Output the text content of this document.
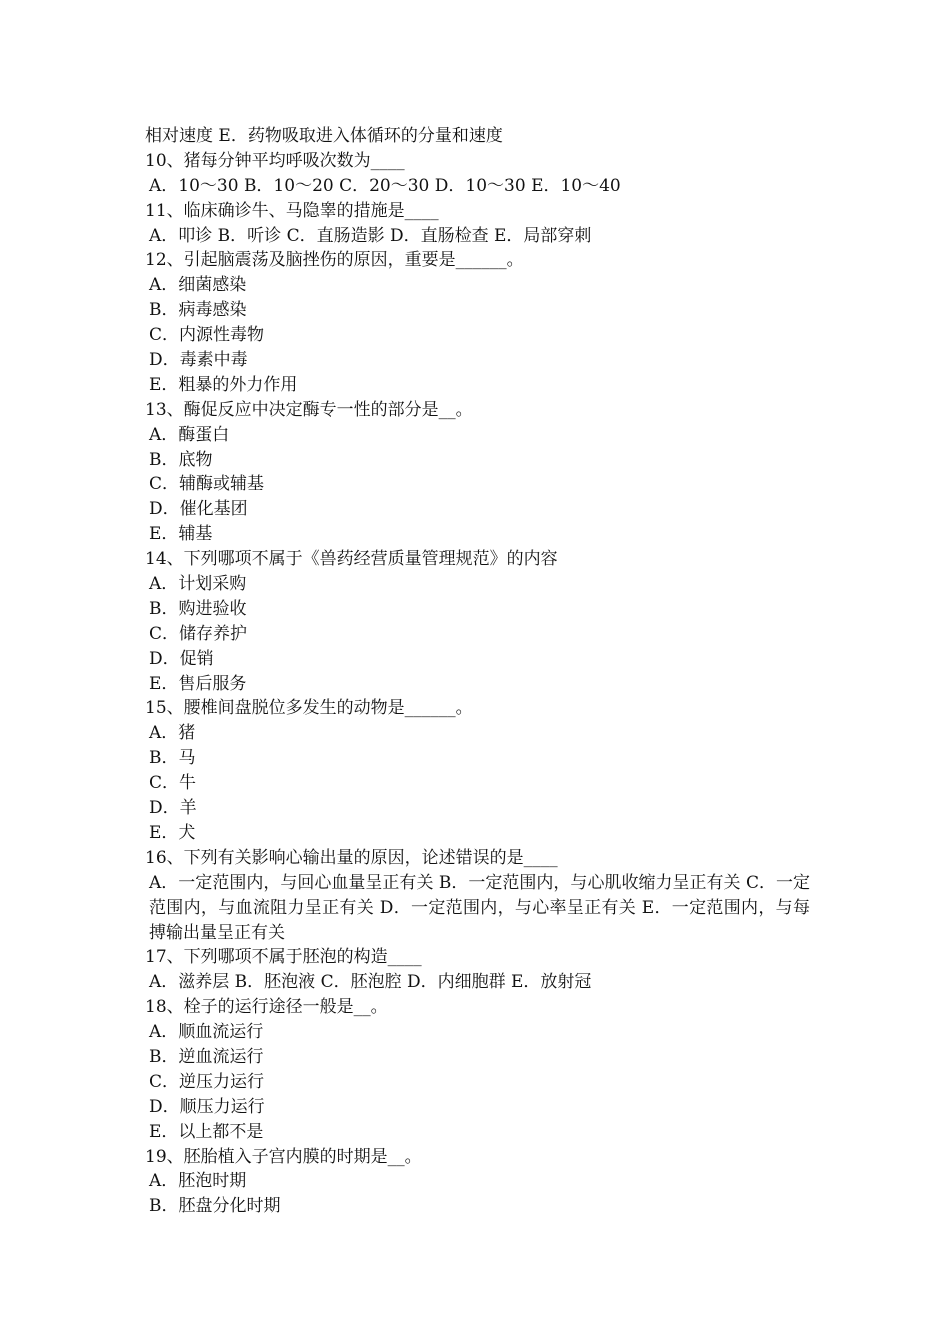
相对速度 E．药物吸取进入体循环的分量和速度
10、猪每分钟平均呼吸次数为____
A．10～30 B．10～20 C．20～30 D．10～30 E．10～40
11、临床确诊牛、马隐睾的措施是____
A．叩诊 B．听诊 C．直肠造影 D．直肠检查 E．局部穿刺
12、引起脑震荡及脑挫伤的原因，重要是______。
A．细菌感染
B．病毒感染
C．内源性毒物
D．毒素中毒
E．粗暴的外力作用
13、酶促反应中决定酶专一性的部分是__。
A．酶蛋白
B．底物
C．辅酶或辅基
D．催化基团
E．辅基
14、下列哪项不属于《兽药经营质量管理规范》的内容
A．计划采购
B．购进验收
C．储存养护
D．促销
E．售后服务
15、腰椎间盘脱位多发生的动物是______。
A．猪
B．马
C．牛
D．羊
E．犬
16、下列有关影响心输出量的原因，论述错误的是____
A．一定范围内，与回心血量呈正有关 B．一定范围内，与心肌收缩力呈正有关 C．一定范围内，与血流阻力呈正有关 D．一定范围内，与心率呈正有关 E．一定范围内，与每搏输出量呈正有关
17、下列哪项不属于胚泡的构造____
A．滋养层 B．胚泡液 C．胚泡腔 D．内细胞群 E．放射冠
18、栓子的运行途径一般是__。
A．顺血流运行
B．逆血流运行
C．逆压力运行
D．顺压力运行
E．以上都不是
19、胚胎植入子宫内膜的时期是__。
A．胚泡时期
B．胚盘分化时期
